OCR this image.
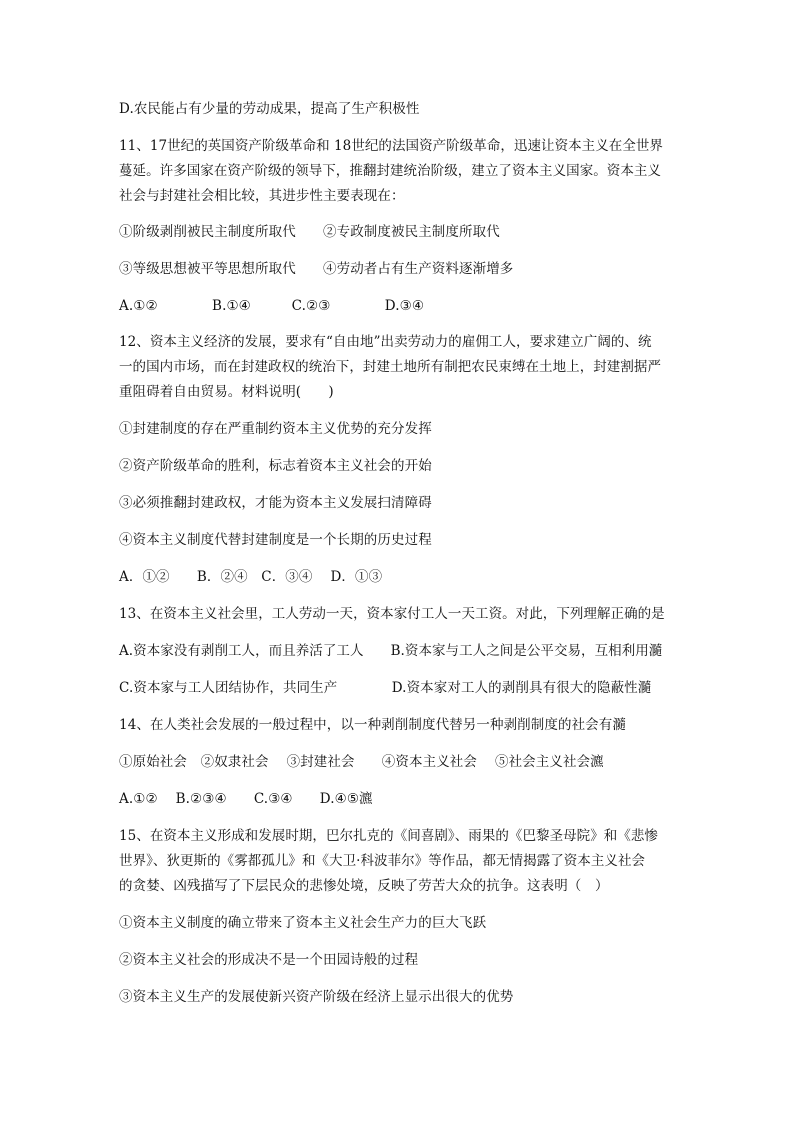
D.农民能占有少量的劳动成果，提高了生产积极性
11、17世纪的英国资产阶级革命和 18世纪的法国资产阶级革命，迅速让资本主义在全世界
蔓延。许多国家在资产阶级的领导下，推翻封建统治阶级，建立了资本主义国家。资本主义
社会与封建社会相比较，其进步性主要表现在：
①阶级剥削被民主制度所取代　　②专政制度被民主制度所取代
③等级思想被平等思想所取代　　④劳动者占有生产资料逐渐增多
A.①②　　　　B.①④　　　C.②③　　　　D.③④
12、资本主义经济的发展，要求有“自由地”出卖劳动力的雇佣工人，要求建立广阔的、统
一的国内市场，而在封建政权的统治下，封建土地所有制把农民束缚在土地上，封建割据严
重阻碍着自由贸易。材料说明(　　)
①封建制度的存在严重制约资本主义优势的充分发挥
②资产阶级革命的胜利，标志着资本主义社会的开始
③必须推翻封建政权，才能为资本主义发展扫清障碍
④资本主义制度代替封建制度是一个长期的历史过程
A．①②　　B．②④　C．③④　 D．①③
13、在资本主义社会里，工人劳动一天，资本家付工人一天工资。对此，下列理解正确的是
A.资本家没有剥削工人，而且养活了工人　　B.资本家与工人之间是公平交易，互相利用瀡
C.资本家与工人团结协作，共同生产　　　　D.资本家对工人的剥削具有很大的隐蔽性瀡
14、在人类社会发展的一般过程中，以一种剥削制度代替另一种剥削制度的社会有瀡
①原始社会　②奴隶社会　 ③封建社会　　④资本主义社会　 ⑤社会主义社会瀌
A.①②　 B.②③④　　C.③④　　D.④⑤瀌
15、在资本主义形成和发展时期，巴尔扎克的《间喜剧》、雨果的《巴黎圣母院》和《悲惨
世界》、狄更斯的《雾都孤儿》和《大卫·科波菲尔》等作品，都无情揭露了资本主义社会
的贪婪、凶残描写了下层民众的悲惨处境，反映了劳苦大众的抗争。这表明（　）
①资本主义制度的确立带来了资本主义社会生产力的巨大飞跃
②资本主义社会的形成决不是一个田园诗般的过程
③资本主义生产的发展使新兴资产阶级在经济上显示出很大的优势
